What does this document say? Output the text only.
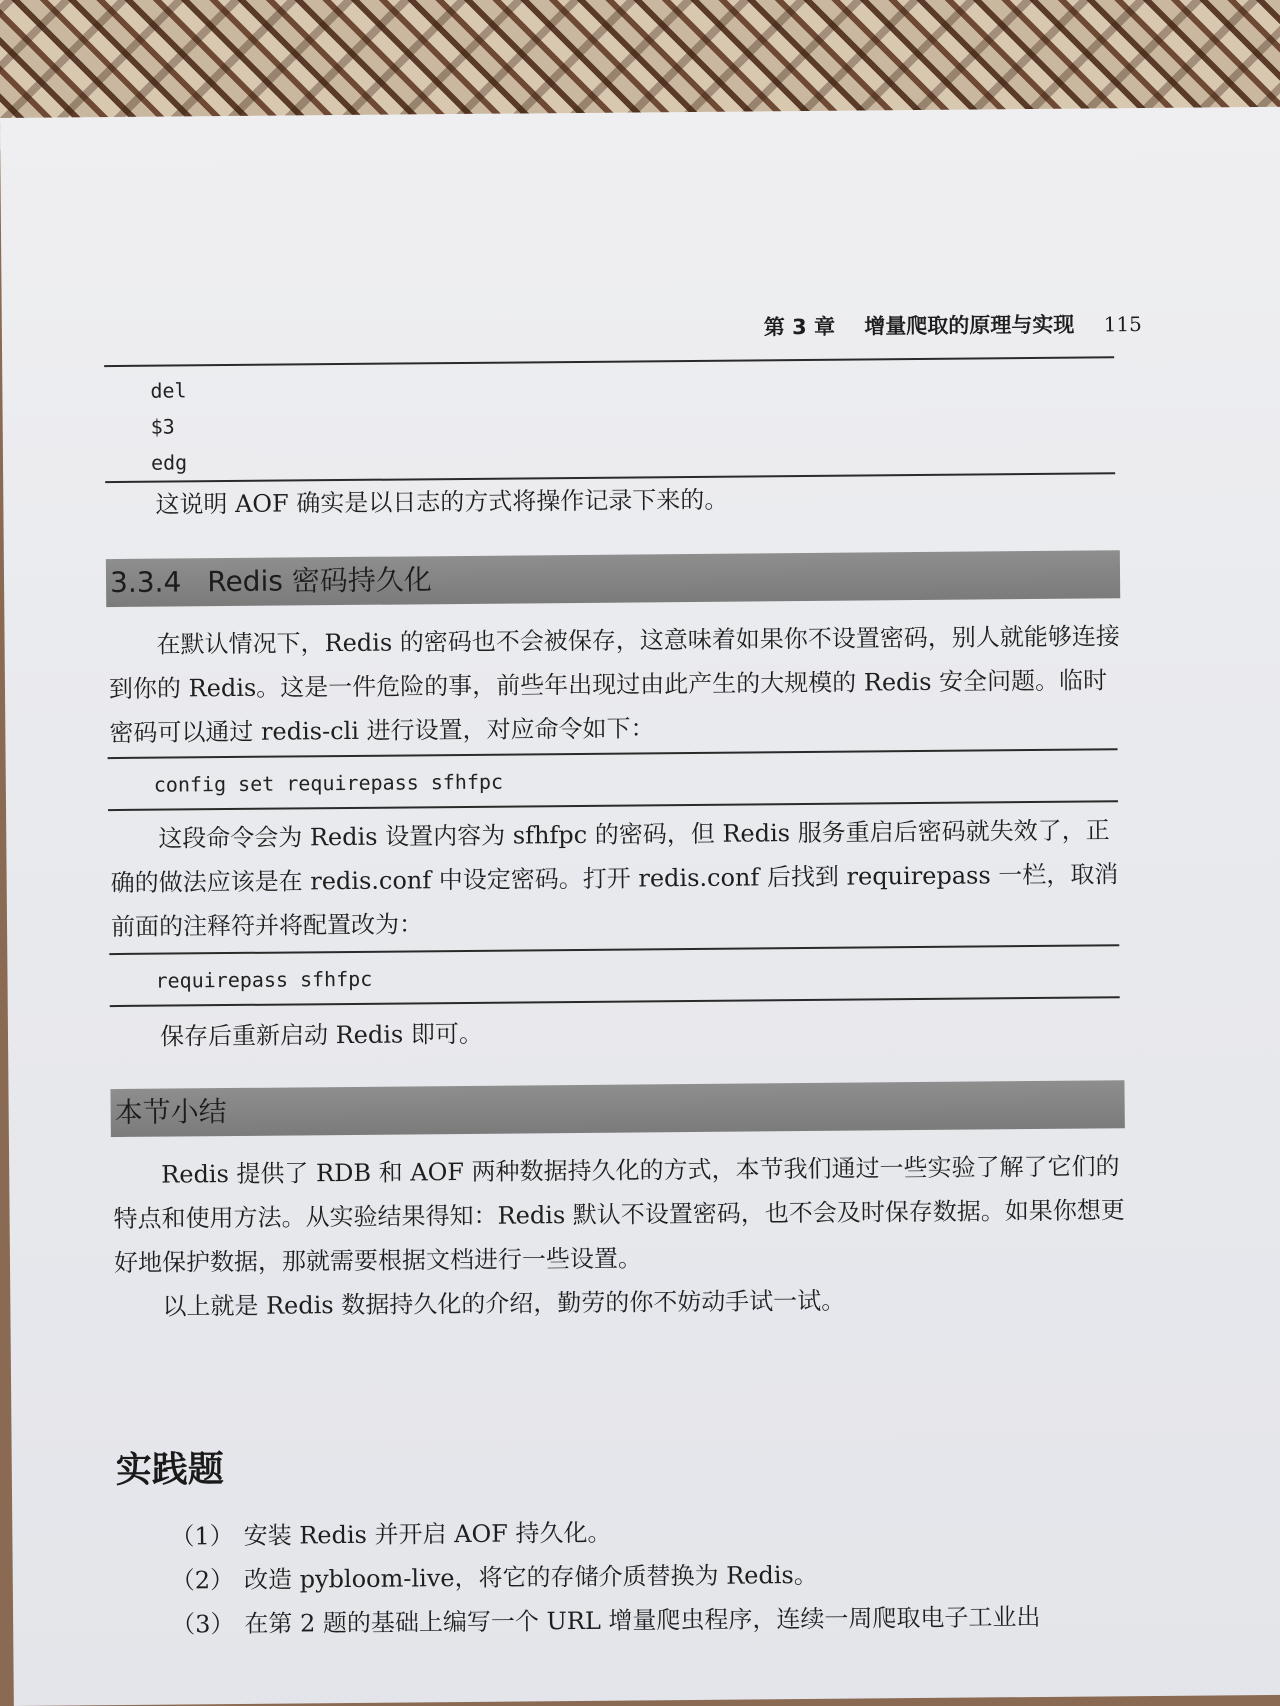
第 3 章 增量爬取的原理与实现 115
del
$3
edg
这说明 AOF 确实是以日志的方式将操作记录下来的。
3.3.4 Redis 密码持久化
在默认情况下，Redis 的密码也不会被保存，这意味着如果你不设置密码，别人就能够连接到你的 Redis。这是一件危险的事，前些年出现过由此产生的大规模的 Redis 安全问题。临时密码可以通过 redis-cli 进行设置，对应命令如下：
config set requirepass sfhfpc
这段命令会为 Redis 设置内容为 sfhfpc 的密码，但 Redis 服务重启后密码就失效了，正确的做法应该是在 redis.conf 中设定密码。打开 redis.conf 后找到 requirepass 一栏，取消前面的注释符并将配置改为：
requirepass sfhfpc
保存后重新启动 Redis 即可。
本节小结
Redis 提供了 RDB 和 AOF 两种数据持久化的方式，本节我们通过一些实验了解了它们的特点和使用方法。从实验结果得知：Redis 默认不设置密码，也不会及时保存数据。如果你想更好地保护数据，那就需要根据文档进行一些设置。
以上就是 Redis 数据持久化的介绍，勤劳的你不妨动手试一试。
实践题
（1） 安装 Redis 并开启 AOF 持久化。
（2） 改造 pybloom-live，将它的存储介质替换为 Redis。
（3） 在第 2 题的基础上编写一个 URL 增量爬虫程序，连续一周爬取电子工业出
